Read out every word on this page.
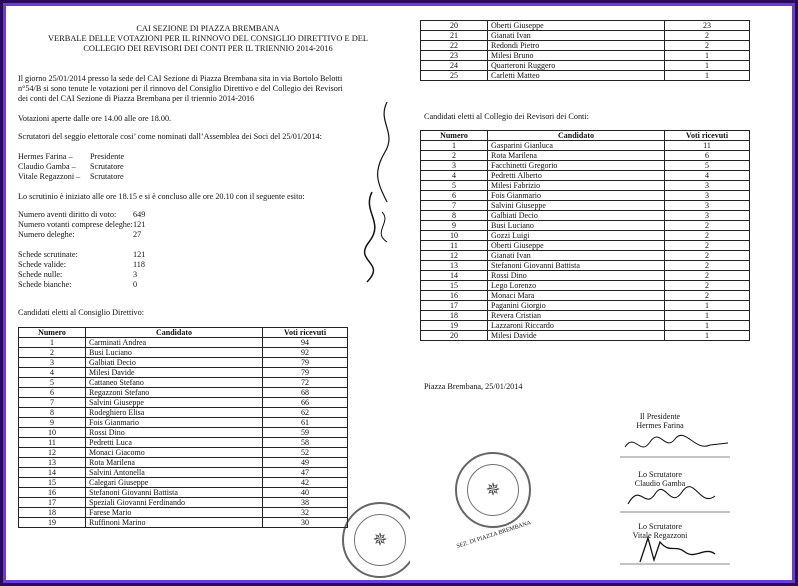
CAI SEZIONE DI PIAZZA BREMBANA
VERBALE DELLE VOTAZIONI PER IL RINNOVO DEL CONSIGLIO DIRETTIVO E DEL
COLLEGIO DEI REVISORI DEI CONTI PER IL TRIENNIO 2014-2016
Il giorno 25/01/2014 presso la sede del CAI Sezione di Piazza Brembana sita in via Bortolo Belotti
n°54/B si sono tenute le votazioni per il rinnovo del Consiglio Direttivo e del Collegio dei Revisori
dei conti del CAI Sezione di Piazza Brembana per il triennio 2014-2016
Votazioni aperte dalle ore 14.00 alle ore 18.00.
Scrutatori del seggio elettorale cosi’ come nominati dall’Assemblea dei Soci del 25/01/2014:
Hermes Farina –	Presidente
Claudio Gamba –	Scrutatore
Vitale Regazzoni –	Scrutatore
Lo scrutinio è iniziato alle ore 18.15 e si è concluso alle ore 20.10 con il seguente esito:
Numero aventi diritto di voto:	649
Numero votanti comprese deleghe: 121
Numero deleghe:	27
Schede scrutinate:	121
Schede valide:	118
Schede nulle:	3
Schede bianche:	0
Candidati eletti al Consiglio Direttivo:
Numero	Candidato	Voti ricevuti
1	Carminati Andrea	94
2	Busi Luciano	92
3	Galbiati Decio	79
4	Milesi Davide	79
5	Cattaneo Stefano	72
6	Regazzoni Stefano	68
7	Salvini Giuseppe	66
8	Rodeghiero Elisa	62
9	Fois Gianmario	61
10	Rossi Dino	59
11	Pedretti Luca	58
12	Monaci Giacomo	52
13	Rota Marilena	49
14	Salvini Antonella	47
15	Calegari Giuseppe	42
16	Stefanoni Giovanni Battista	40
17	Speziali Giovanni Ferdinando	38
18	Farese Mario	32
19	Ruffinoni Marino	30
✵
20	Oberti Giuseppe	23
21	Gianati Ivan	2
22	Redondi Pietro	2
23	Milesi Bruno	1
24	Quarteroni Ruggero	1
25	Carletti Matteo	1
Candidati eletti al Collegio dei Revisori dei Conti:
Numero	Candidato	Voti ricevuti
1	Gasparini Gianluca	11
2	Rota Marilena	6
3	Facchinetti Gregorio	5
4	Pedretti Alberto	4
5	Milesi Fabrizio	3
6	Fois Gianmario	3
7	Salvini Giuseppe	3
8	Galbiati Decio	3
9	Busi Luciano	2
10	Gozzi Luigi	2
11	Oberti Giuseppe	2
12	Gianati Ivan	2
13	Stefanoni Giovanni Battista	2
14	Rossi Dino	2
15	Lego Lorenzo	2
16	Monaci Mara	2
17	Paganini Giorgio	1
18	Revera Cristian	1
19	Lazzaroni Riccardo	1
20	Milesi Davide	1
Piazza Brembana, 25/01/2014
Il Presidente
Hermes Farina
Lo Scrutatore
Claudio Gamba
Lo Scrutatore
Vitale Regazzoni
✵
SEZ. DI PIAZZA BREMBANA
